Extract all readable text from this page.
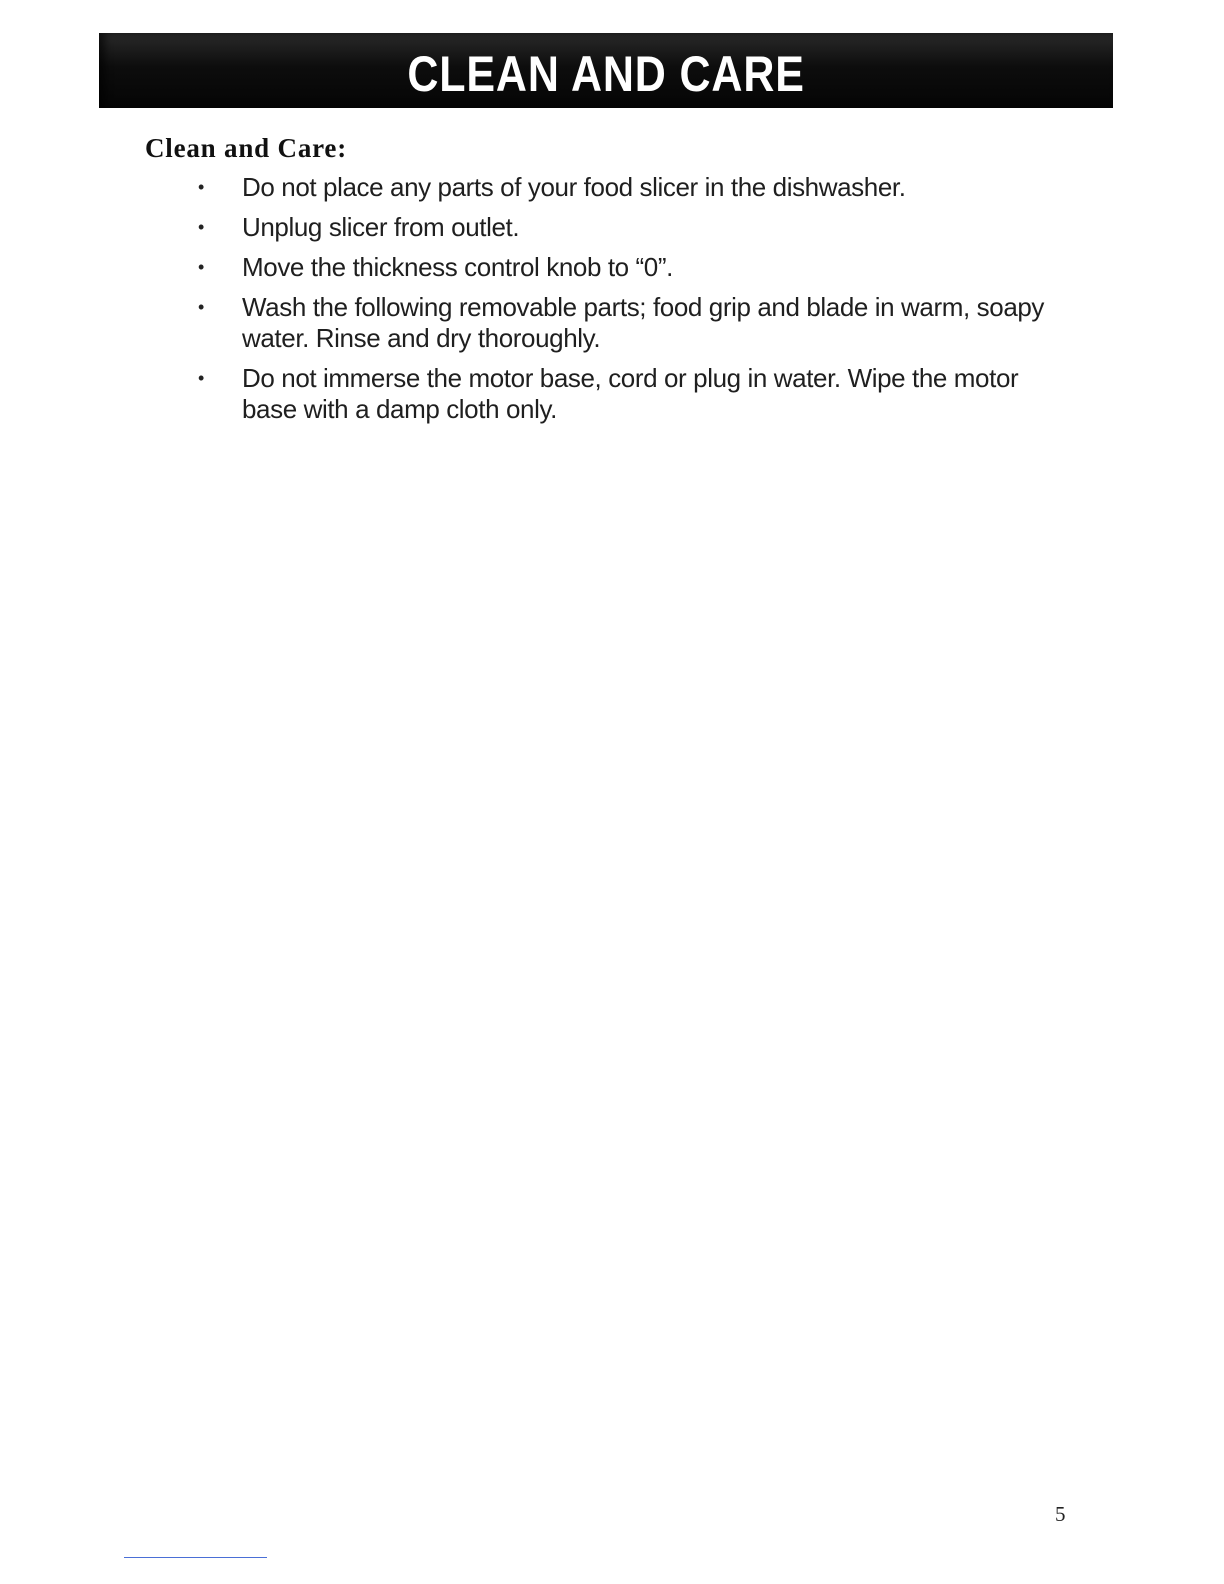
CLEAN AND CARE
Clean and Care:
•	Do not place any parts of your food slicer in the dishwasher.
•	Unplug slicer from outlet.
•	Move the thickness control knob to “0”.
•	Wash the following removable parts; food grip and blade in warm, soapy water. Rinse and dry thoroughly.
•	Do not immerse the motor base, cord or plug in water. Wipe the motor base with a damp cloth only.
5
